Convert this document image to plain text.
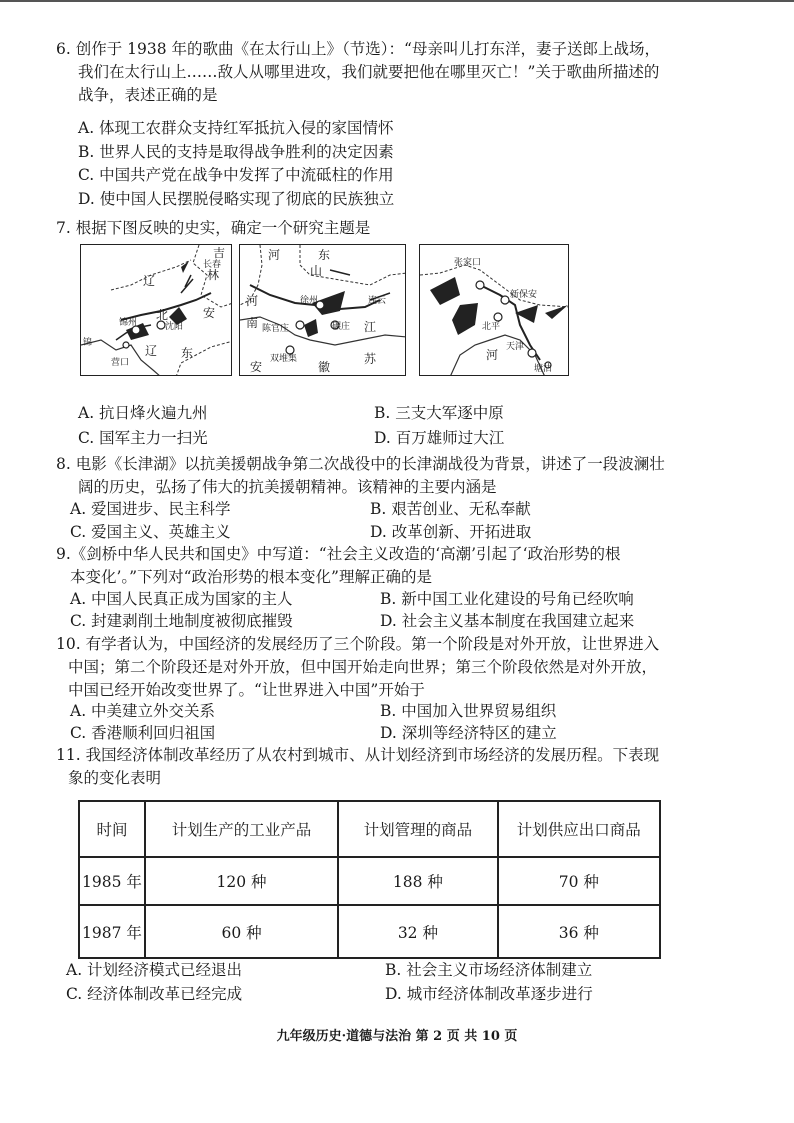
6. 创作于 1938 年的歌曲《在太行山上》（节选）：“母亲叫儿打东洋，妻子送郎上战场，
我们在太行山上……敌人从哪里进攻，我们就要把他在哪里灭亡！”关于歌曲所描述的
战争，表述正确的是
A. 体现工农群众支持红军抵抗入侵的家国情怀
B. 世界人民的支持是取得战争胜利的决定因素
C. 中国共产党在战争中发挥了中流砥柱的作用
D. 使中国人民摆脱侵略实现了彻底的民族独立
7. 根据下图反映的史实，确定一个研究主题是
吉
长春
林
辽
北	安
沈阳
锦州
锦
辽 东
营口
河	东
山
河	徐州	连云
南 陈官庄	碾庄 江
双堆集	苏
安	徽
张家口
新保安
北平
河
天津
塘沽
A. 抗日烽火遍九州	B. 三支大军逐中原
C. 国军主力一扫光	D. 百万雄师过大江
8. 电影《长津湖》以抗美援朝战争第二次战役中的长津湖战役为背景，讲述了一段波澜壮
阔的历史，弘扬了伟大的抗美援朝精神。该精神的主要内涵是
A. 爱国进步、民主科学	B. 艰苦创业、无私奉献
C. 爱国主义、英雄主义	D. 改革创新、开拓进取
9.《剑桥中华人民共和国史》中写道：“社会主义改造的‘高潮’引起了‘政治形势的根
本变化’。”下列对“政治形势的根本变化”理解正确的是
A. 中国人民真正成为国家的主人	B. 新中国工业化建设的号角已经吹响
C. 封建剥削土地制度被彻底摧毁	D. 社会主义基本制度在我国建立起来
10. 有学者认为，中国经济的发展经历了三个阶段。第一个阶段是对外开放，让世界进入
中国；第二个阶段还是对外开放，但中国开始走向世界；第三个阶段依然是对外开放，
中国已经开始改变世界了。“让世界进入中国”开始于
A. 中美建立外交关系	B. 中国加入世界贸易组织
C. 香港顺利回归祖国	D. 深圳等经济特区的建立
11. 我国经济体制改革经历了从农村到城市、从计划经济到市场经济的发展历程。下表现
象的变化表明
时间	计划生产的工业产品	计划管理的商品	计划供应出口商品
1985 年	120 种	188 种	70 种
1987 年	60 种	32 种	36 种
A. 计划经济模式已经退出	B. 社会主义市场经济体制建立
C. 经济体制改革已经完成	D. 城市经济体制改革逐步进行
九年级历史·道德与法治 第 2 页 共 10 页
